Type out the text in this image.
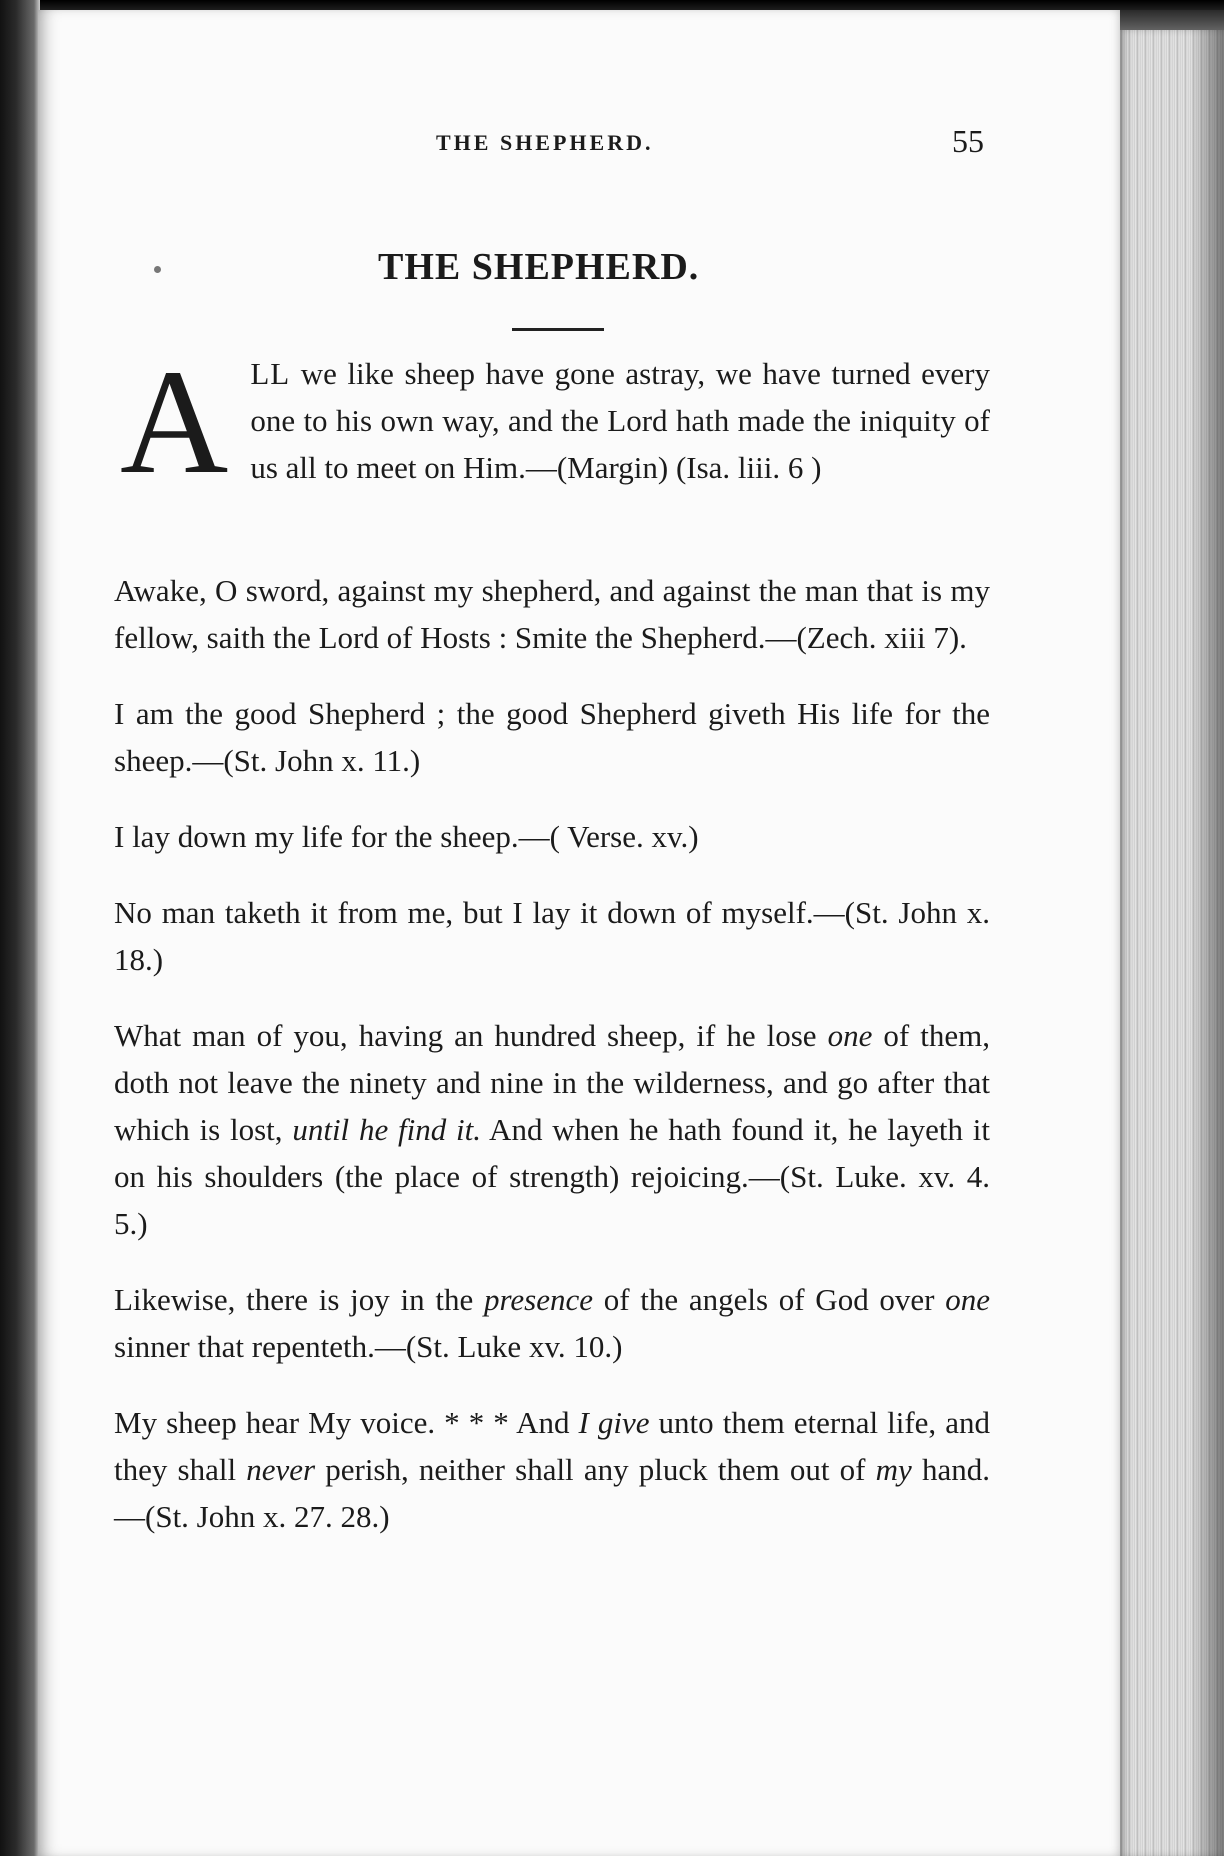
THE SHEPHERD.	55
THE SHEPHERD.

ALL we like sheep have gone astray, we have turned every one to his own way, and the Lord hath made the iniquity of us all to meet on Him.—(Margin) (Isa. liii. 6 )

Awake, O sword, against my shepherd, and against the man that is my fellow, saith the Lord of Hosts : Smite the Shepherd.—(Zech. xiii 7).

I am the good Shepherd ; the good Shepherd giveth His life for the sheep.—(St. John x. 11.)

I lay down my life for the sheep.—( Verse. xv.)

No man taketh it from me, but I lay it down of myself.—(St. John x. 18.)

What man of you, having an hundred sheep, if he lose one of them, doth not leave the ninety and nine in the wilderness, and go after that which is lost, until he find it. And when he hath found it, he layeth it on his shoulders (the place of strength) rejoicing.—(St. Luke. xv. 4. 5.)

Likewise, there is joy in the presence of the angels of God over one sinner that repenteth.—(St. Luke xv. 10.)

My sheep hear My voice. * * * And I give unto them eternal life, and they shall never perish, neither shall any pluck them out of my hand. —(St. John x. 27. 28.)
